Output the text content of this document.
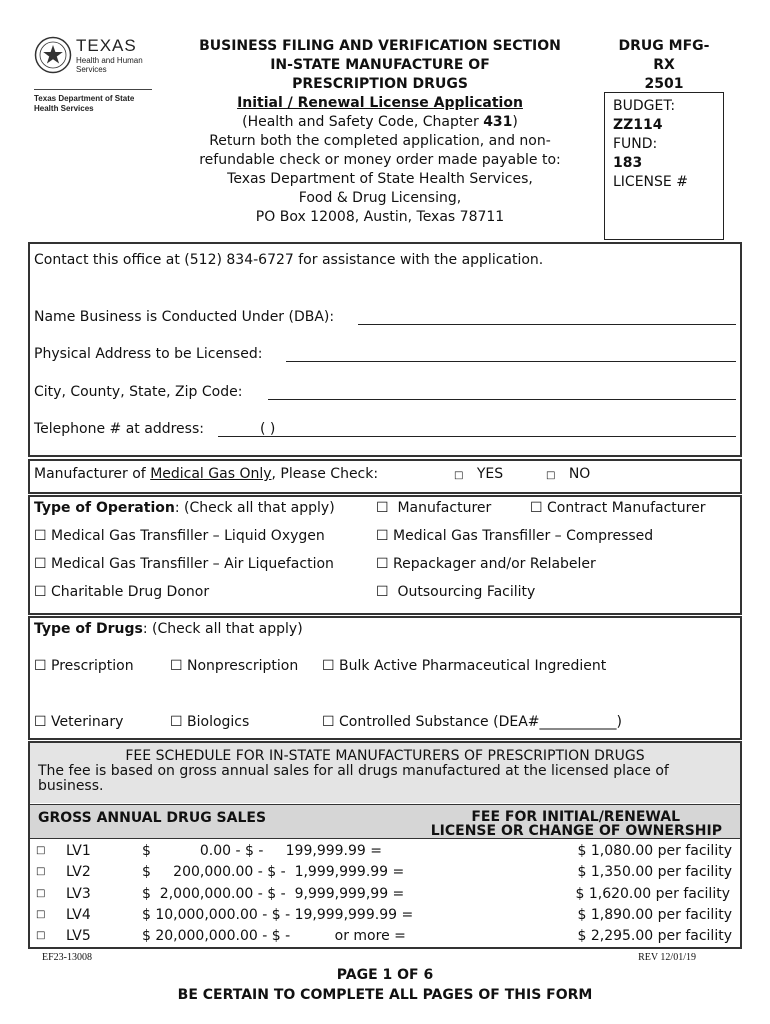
TEXAS
Health and Human Services
Texas Department of State Health Services
BUSINESS FILING AND VERIFICATION SECTION
IN-STATE MANUFACTURE OF
PRESCRIPTION DRUGS
Initial / Renewal License Application
(Health and Safety Code, Chapter 431)
Return both the completed application, and non-
refundable check or money order made payable to:
Texas Department of State Health Services,
Food & Drug Licensing,
PO Box 12008, Austin, Texas 78711
DRUG MFG-
RX
2501
BUDGET:
ZZ114
FUND:
183
LICENSE #
Contact this office at (512) 834-6727 for assistance with the application.
Name Business is Conducted Under (DBA):
Physical Address to be Licensed:
City, County, State, Zip Code:
Telephone # at address:	( )
Manufacturer of Medical Gas Only, Please Check:	□ YES	□ NO
Type of Operation: (Check all that apply)	☐ Manufacturer	☐ Contract Manufacturer
☐ Medical Gas Transfiller – Liquid Oxygen	☐ Medical Gas Transfiller – Compressed
☐ Medical Gas Transfiller – Air Liquefaction	☐ Repackager and/or Relabeler
☐ Charitable Drug Donor	☐ Outsourcing Facility
Type of Drugs: (Check all that apply)
☐ Prescription	☐ Nonprescription ☐ Bulk Active Pharmaceutical Ingredient
☐ Veterinary	☐ Biologics	☐ Controlled Substance (DEA#___________)
FEE SCHEDULE FOR IN-STATE MANUFACTURERS OF PRESCRIPTION DRUGS
The fee is based on gross annual sales for all drugs manufactured at the licensed place of
business.
GROSS ANNUAL DRUG SALES	FEE FOR INITIAL/RENEWAL
LICENSE OR CHANGE OF OWNERSHIP
□ LV1	$           0.00 - $ -     199,999.99 =	$ 1,080.00 per facility
□ LV2	$     200,000.00 - $ -  1,999,999.99 =	$ 1,350.00 per facility
□ LV3	$  2,000,000.00 - $ -  9,999,999,99 =	$ 1,620.00 per facility
□ LV4	$ 10,000,000.00 - $ - 19,999,999.99 =	$ 1,890.00 per facility
□ LV5	$ 20,000,000.00 - $ -          or more =	$ 2,295.00 per facility
EF23-13008	REV 12/01/19
PAGE 1 OF 6
BE CERTAIN TO COMPLETE ALL PAGES OF THIS FORM
